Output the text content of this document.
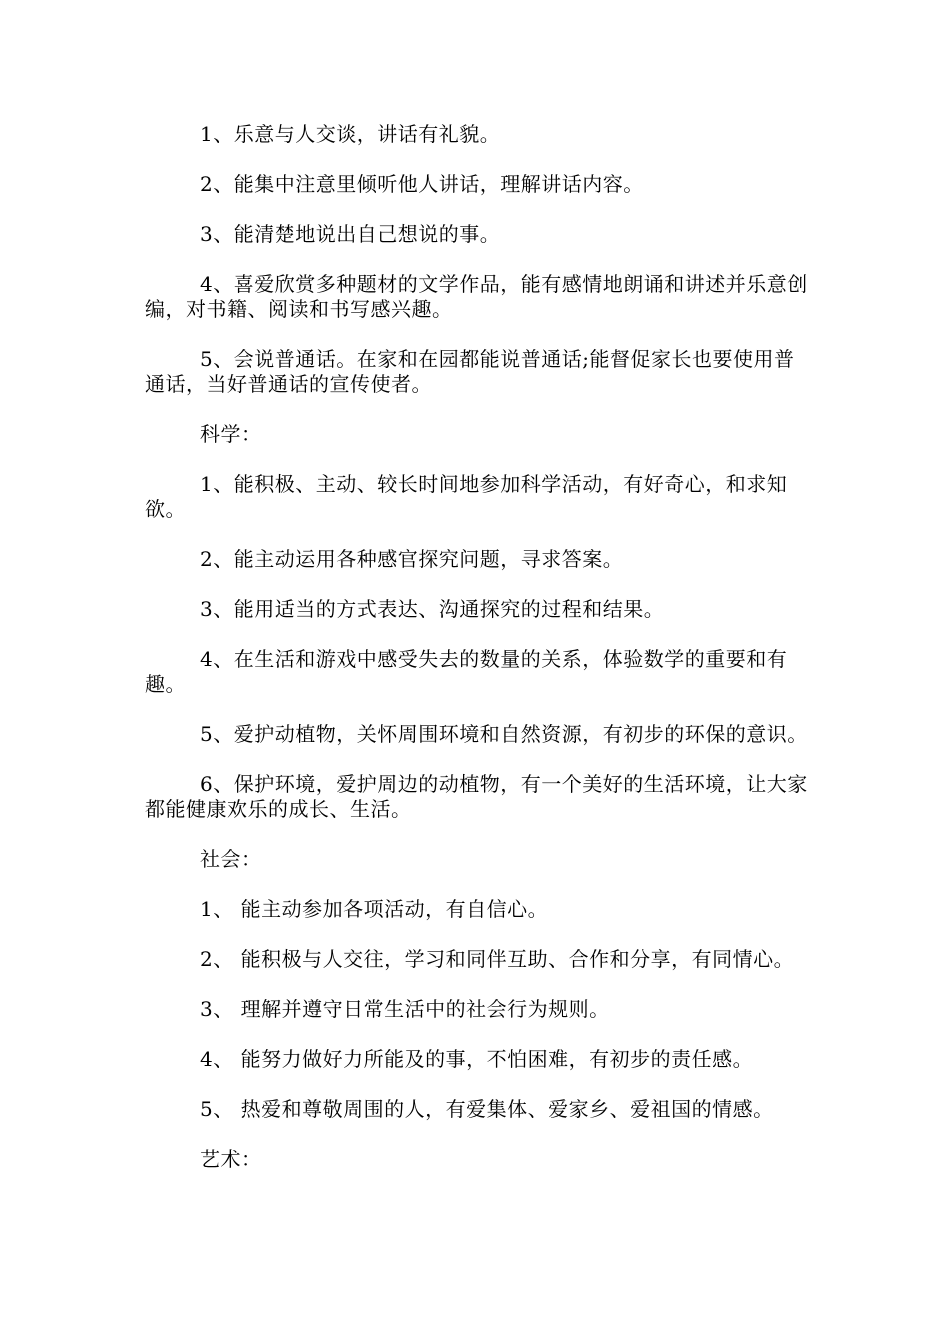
1、乐意与人交谈，讲话有礼貌。

2、能集中注意里倾听他人讲话，理解讲话内容。

3、能清楚地说出自己想说的事。

4、喜爱欣赏多种题材的文学作品，能有感情地朗诵和讲述并乐意创编，对书籍、阅读和书写感兴趣。

5、会说普通话。在家和在园都能说普通话;能督促家长也要使用普通话，当好普通话的宣传使者。

科学：

1、能积极、主动、较长时间地参加科学活动，有好奇心，和求知欲。

2、能主动运用各种感官探究问题，寻求答案。

3、能用适当的方式表达、沟通探究的过程和结果。

4、在生活和游戏中感受失去的数量的关系，体验数学的重要和有趣。

5、爱护动植物，关怀周围环境和自然资源，有初步的环保的意识。

6、保护环境，爱护周边的动植物，有一个美好的生活环境，让大家都能健康欢乐的成长、生活。

社会：

1、 能主动参加各项活动，有自信心。

2、 能积极与人交往，学习和同伴互助、合作和分享，有同情心。

3、 理解并遵守日常生活中的社会行为规则。

4、 能努力做好力所能及的事，不怕困难，有初步的责任感。

5、 热爱和尊敬周围的人，有爱集体、爱家乡、爱祖国的情感。

艺术：
